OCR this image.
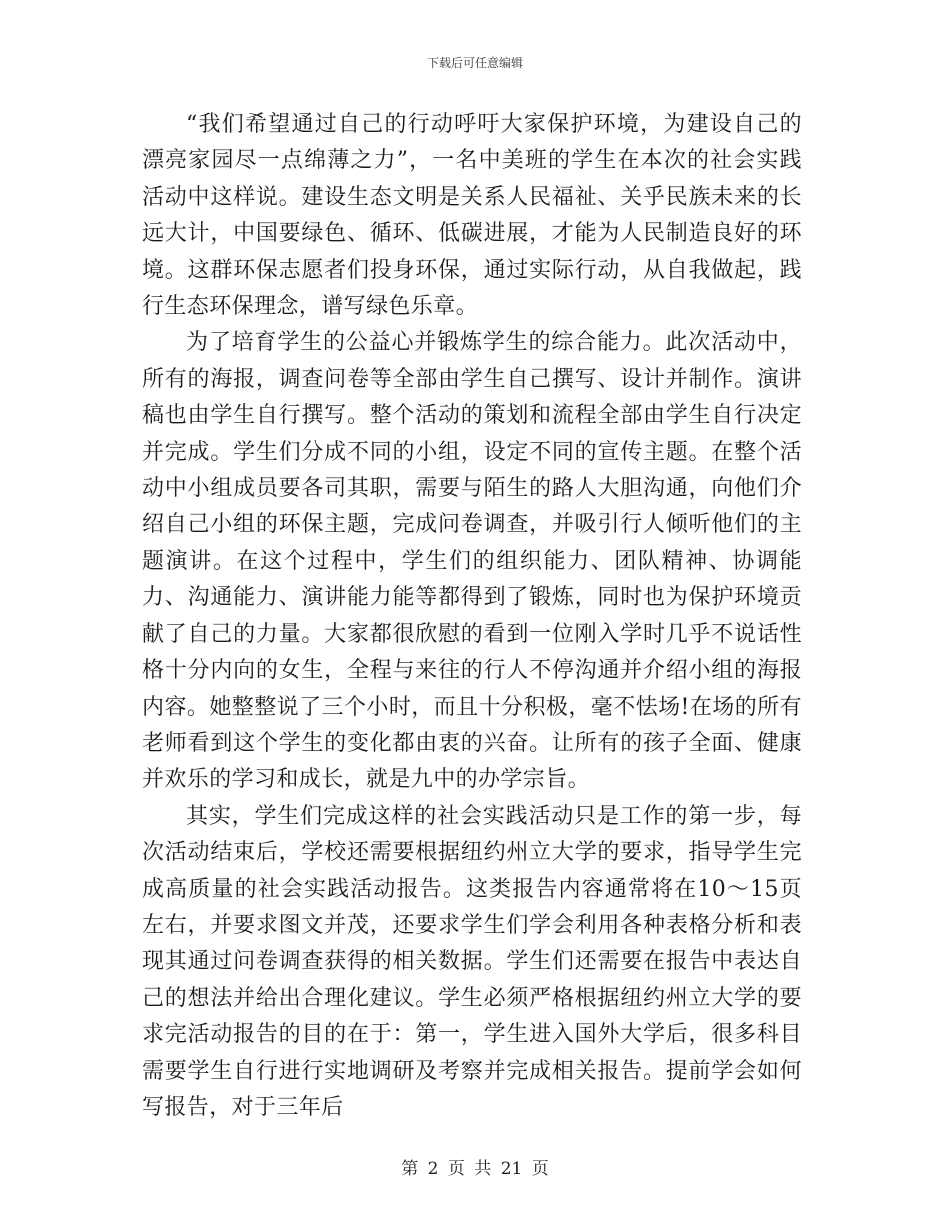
下载后可任意编辑

“我们希望通过自己的行动呼吁大家保护环境，为建设自己的漂亮家园尽一点绵薄之力”，一名中美班的学生在本次的社会实践活动中这样说。建设生态文明是关系人民福祉、关乎民族未来的长远大计，中国要绿色、循环、低碳进展，才能为人民制造良好的环境。这群环保志愿者们投身环保，通过实际行动，从自我做起，践行生态环保理念，谱写绿色乐章。

为了培育学生的公益心并锻炼学生的综合能力。此次活动中，所有的海报，调查问卷等全部由学生自己撰写、设计并制作。演讲稿也由学生自行撰写。整个活动的策划和流程全部由学生自行决定并完成。学生们分成不同的小组，设定不同的宣传主题。在整个活动中小组成员要各司其职，需要与陌生的路人大胆沟通，向他们介绍自己小组的环保主题，完成问卷调查，并吸引行人倾听他们的主题演讲。在这个过程中，学生们的组织能力、团队精神、协调能力、沟通能力、演讲能力能等都得到了锻炼，同时也为保护环境贡献了自己的力量。大家都很欣慰的看到一位刚入学时几乎不说话性格十分内向的女生，全程与来往的行人不停沟通并介绍小组的海报内容。她整整说了三个小时，而且十分积极，毫不怯场!在场的所有老师看到这个学生的变化都由衷的兴奋。让所有的孩子全面、健康并欢乐的学习和成长，就是九中的办学宗旨。

其实，学生们完成这样的社会实践活动只是工作的第一步，每次活动结束后，学校还需要根据纽约州立大学的要求，指导学生完成高质量的社会实践活动报告。这类报告内容通常将在10～15页左右，并要求图文并茂，还要求学生们学会利用各种表格分析和表现其通过问卷调查获得的相关数据。学生们还需要在报告中表达自己的想法并给出合理化建议。学生必须严格根据纽约州立大学的要求完活动报告的目的在于：第一，学生进入国外大学后，很多科目需要学生自行进行实地调研及考察并完成相关报告。提前学会如何写报告，对于三年后

第 2 页 共 21 页
